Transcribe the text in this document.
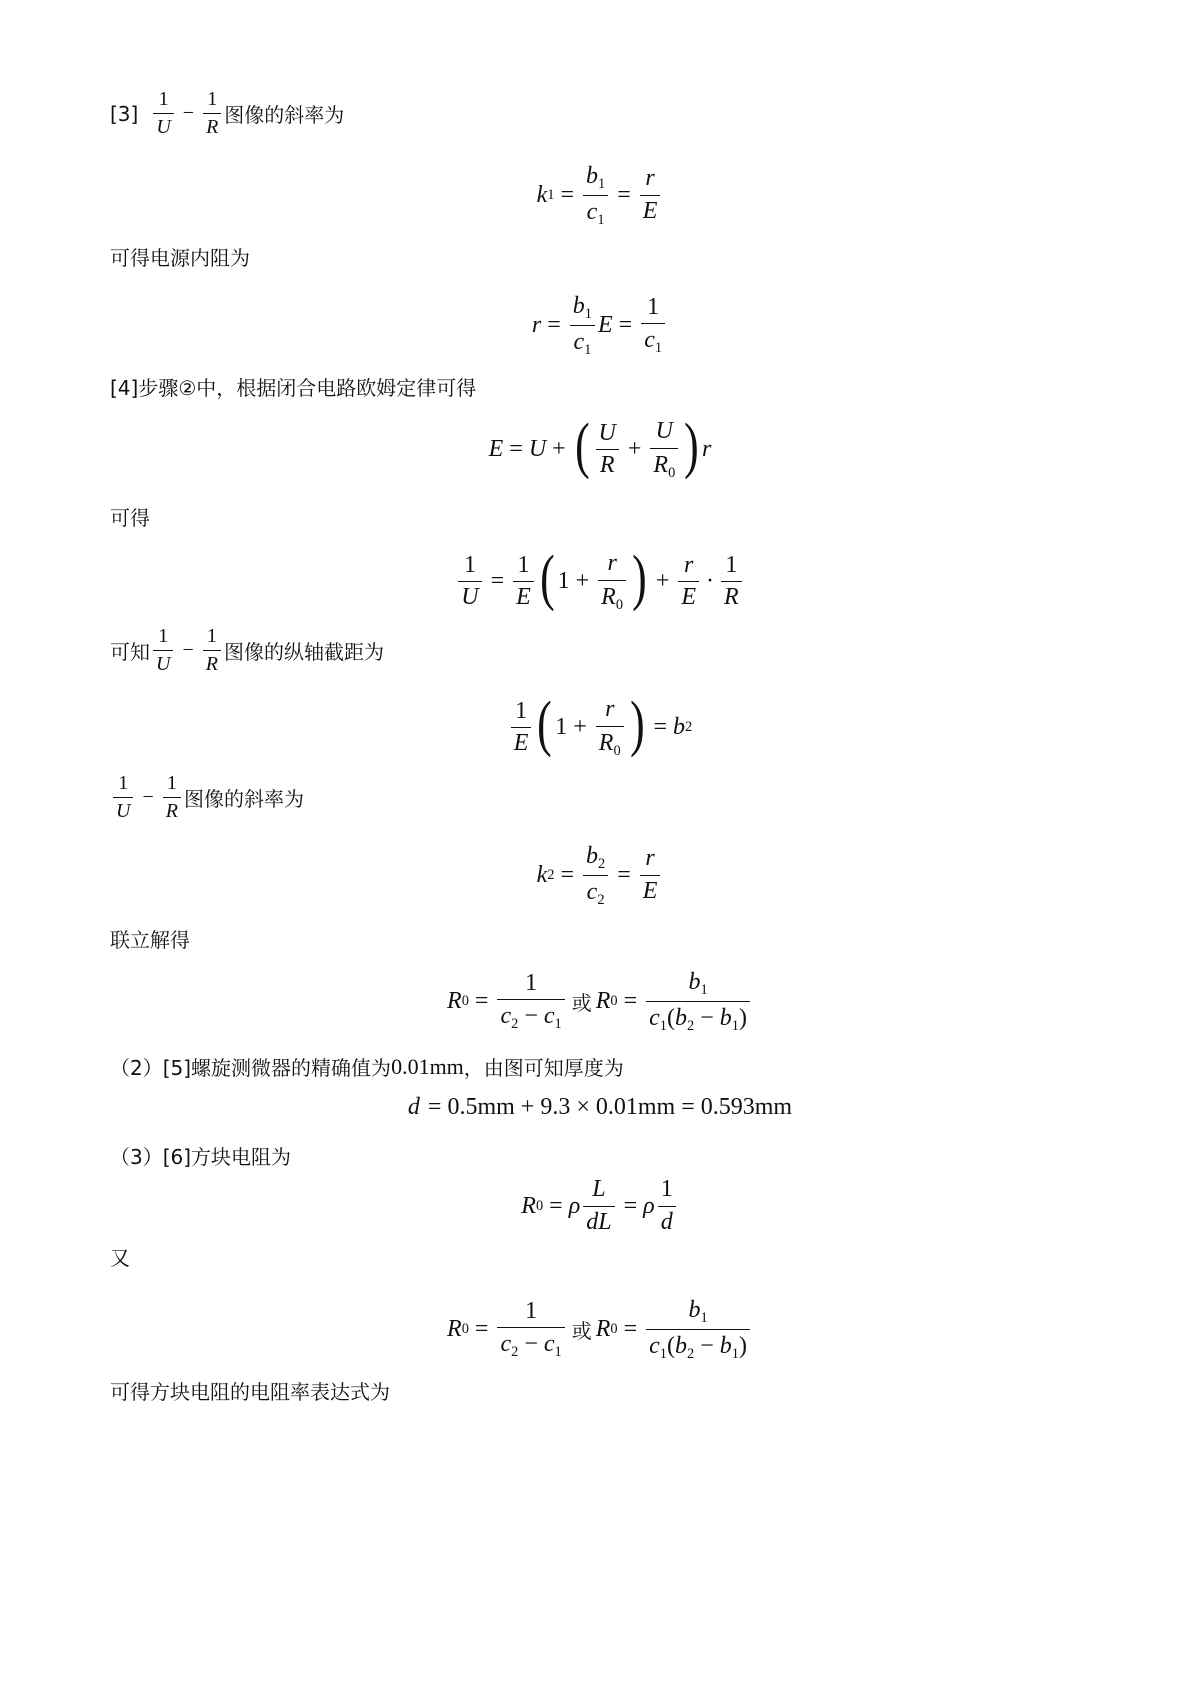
$[3] \frac{1}{U} - \frac{1}{R}$ 图像的斜率为
k $1 = \frac{b_1}{c_1} = \frac{r}{E}$
可得电源内阻为
$r = \frac{b_1}{c_1}$ $E = \frac{1}{c_1}$
[4]步骤②中，根据闭合电路欧姆定律可得
E = U + ( $\frac{U}{R} + \frac{U}{R_0}$ ) r
可得
$\frac{1}{U} = \frac{1}{E}$ ( $1 + \frac{r}{R_0}$ ) + $\frac{r}{E} \cdot \frac{1}{R}$
可知 $\frac{1}{U} - \frac{1}{R}$ 图像的纵轴截距为
$\frac{1}{E}$ ( $1 + \frac{r}{R_0}$ ) = b 2
$\frac{1}{U} - \frac{1}{R}$ 图像的斜率为
k $2 = \frac{b_2}{c_2} = \frac{r}{E}$
联立解得
R $0 = \frac{1}{c_2 - c_1}$ 或 R $0 = \frac{b_1}{c_1(b_2 - b_1)}$
（2）[5]螺旋测微器的精确值为 0.01mm ，由图可知厚度为
d = 0.5mm + 9.3 × 0.01mm = 0.593mm
（3）[6]方块电阻为
R 0 = ρ $\frac{L}{dL} = \rho \frac{1}{d}$
又
R $0 = \frac{1}{c_2 - c_1}$ 或 R $0 = \frac{b_1}{c_1(b_2 - b_1)}$
可得方块电阻的电阻率表达式为
